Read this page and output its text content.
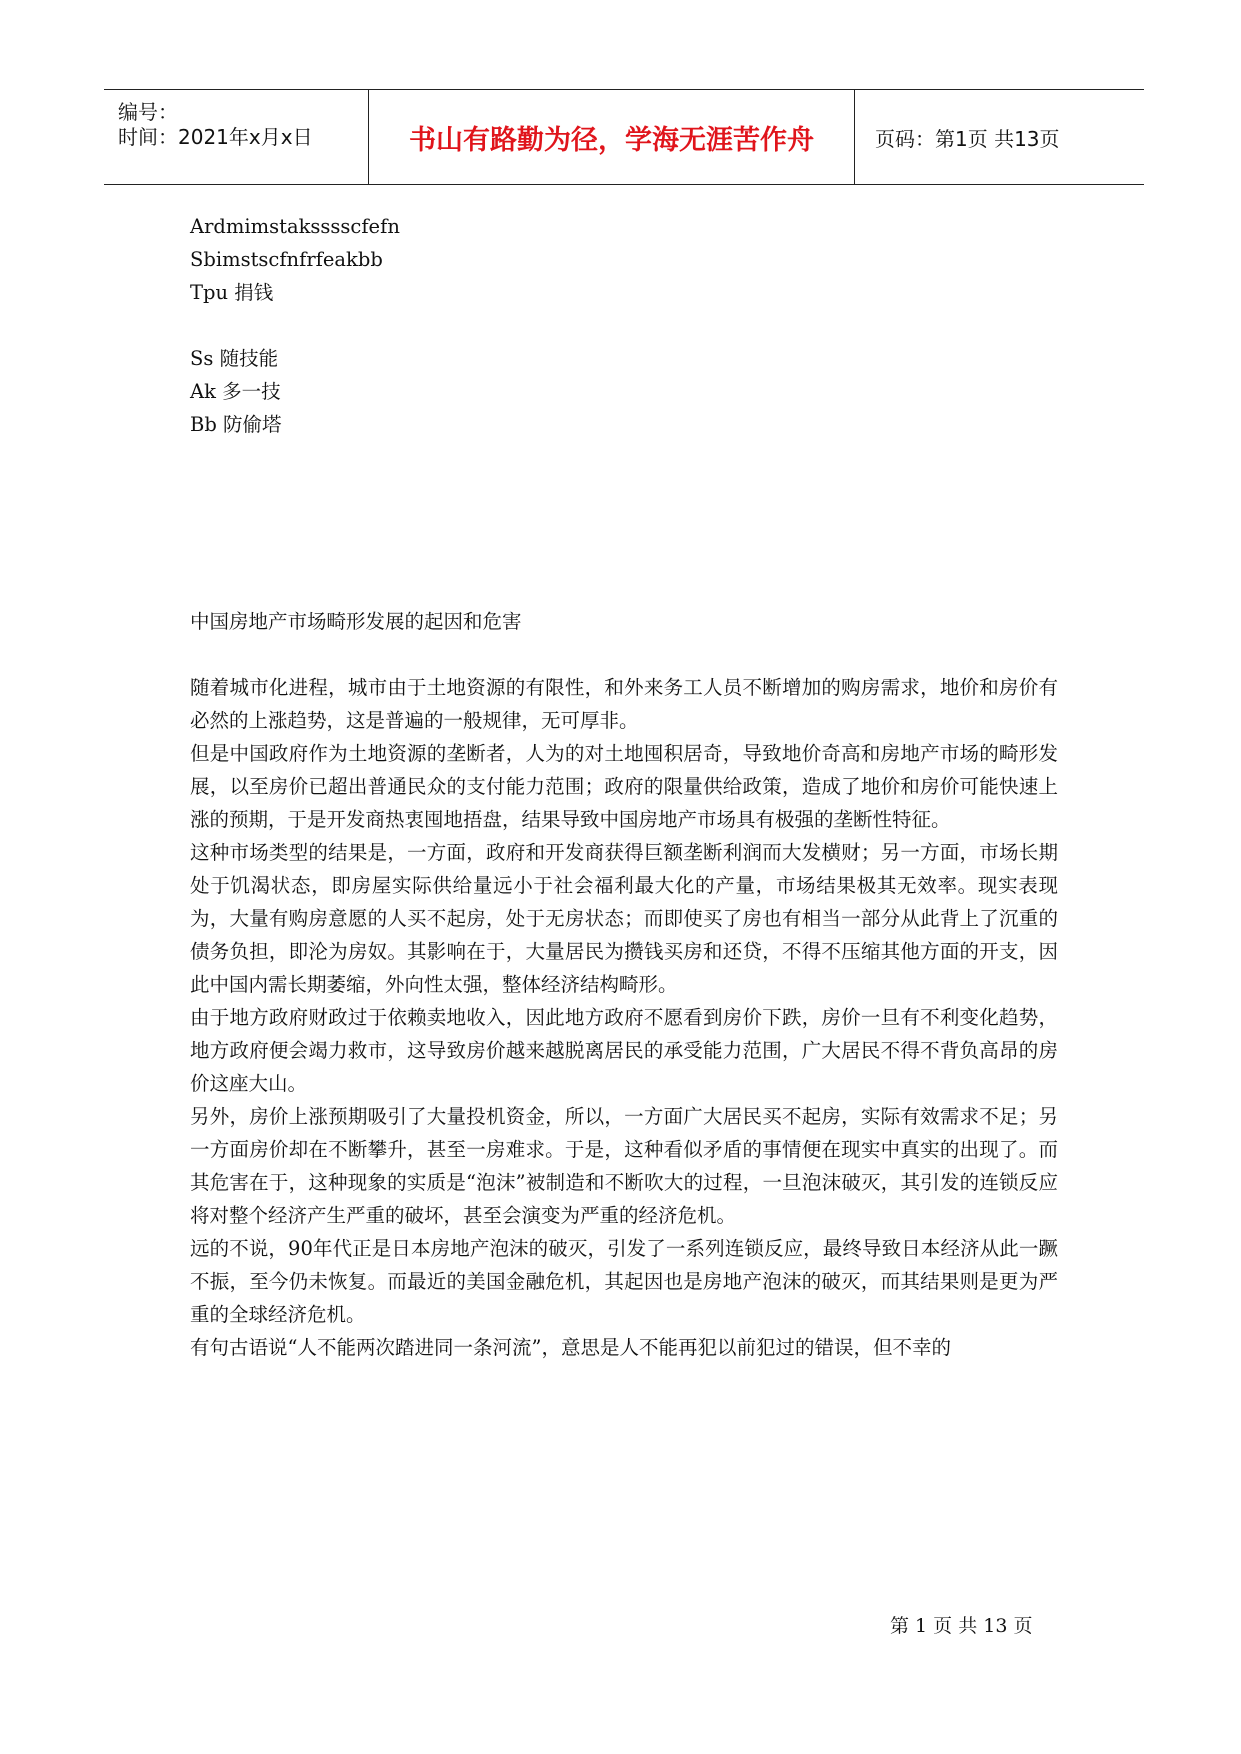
编号：
时间：2021年x月x日	书山有路勤为径，学海无涯苦作舟	页码：第1页 共13页
Ardmimstaksssscfefn
Sbimstscfnfrfeakbb
Tpu 捐钱
Ss 随技能
Ak 多一技
Bb 防偷塔
中国房地产市场畸形发展的起因和危害

随着城市化进程，城市由于土地资源的有限性，和外来务工人员不断增加的购房需求，地价和房价有必然的上涨趋势，这是普遍的一般规律，无可厚非。

但是中国政府作为土地资源的垄断者，人为的对土地囤积居奇，导致地价奇高和房地产市场的畸形发展，以至房价已超出普通民众的支付能力范围；政府的限量供给政策，造成了地价和房价可能快速上涨的预期，于是开发商热衷囤地捂盘，结果导致中国房地产市场具有极强的垄断性特征。

这种市场类型的结果是，一方面，政府和开发商获得巨额垄断利润而大发横财；另一方面，市场长期处于饥渴状态，即房屋实际供给量远小于社会福利最大化的产量，市场结果极其无效率。现实表现为，大量有购房意愿的人买不起房，处于无房状态；而即使买了房也有相当一部分从此背上了沉重的债务负担，即沦为房奴。其影响在于，大量居民为攒钱买房和还贷，不得不压缩其他方面的开支，因此中国内需长期萎缩，外向性太强，整体经济结构畸形。

由于地方政府财政过于依赖卖地收入，因此地方政府不愿看到房价下跌，房价一旦有不利变化趋势，地方政府便会竭力救市，这导致房价越来越脱离居民的承受能力范围，广大居民不得不背负高昂的房价这座大山。

另外，房价上涨预期吸引了大量投机资金，所以，一方面广大居民买不起房，实际有效需求不足；另一方面房价却在不断攀升，甚至一房难求。于是，这种看似矛盾的事情便在现实中真实的出现了。而其危害在于，这种现象的实质是“泡沫”被制造和不断吹大的过程，一旦泡沫破灭，其引发的连锁反应将对整个经济产生严重的破坏，甚至会演变为严重的经济危机。

远的不说，90年代正是日本房地产泡沫的破灭，引发了一系列连锁反应，最终导致日本经济从此一蹶不振，至今仍未恢复。而最近的美国金融危机，其起因也是房地产泡沫的破灭，而其结果则是更为严重的全球经济危机。

有句古语说“人不能两次踏进同一条河流”，意思是人不能再犯以前犯过的错误，但不幸的

第 1 页 共 13 页
